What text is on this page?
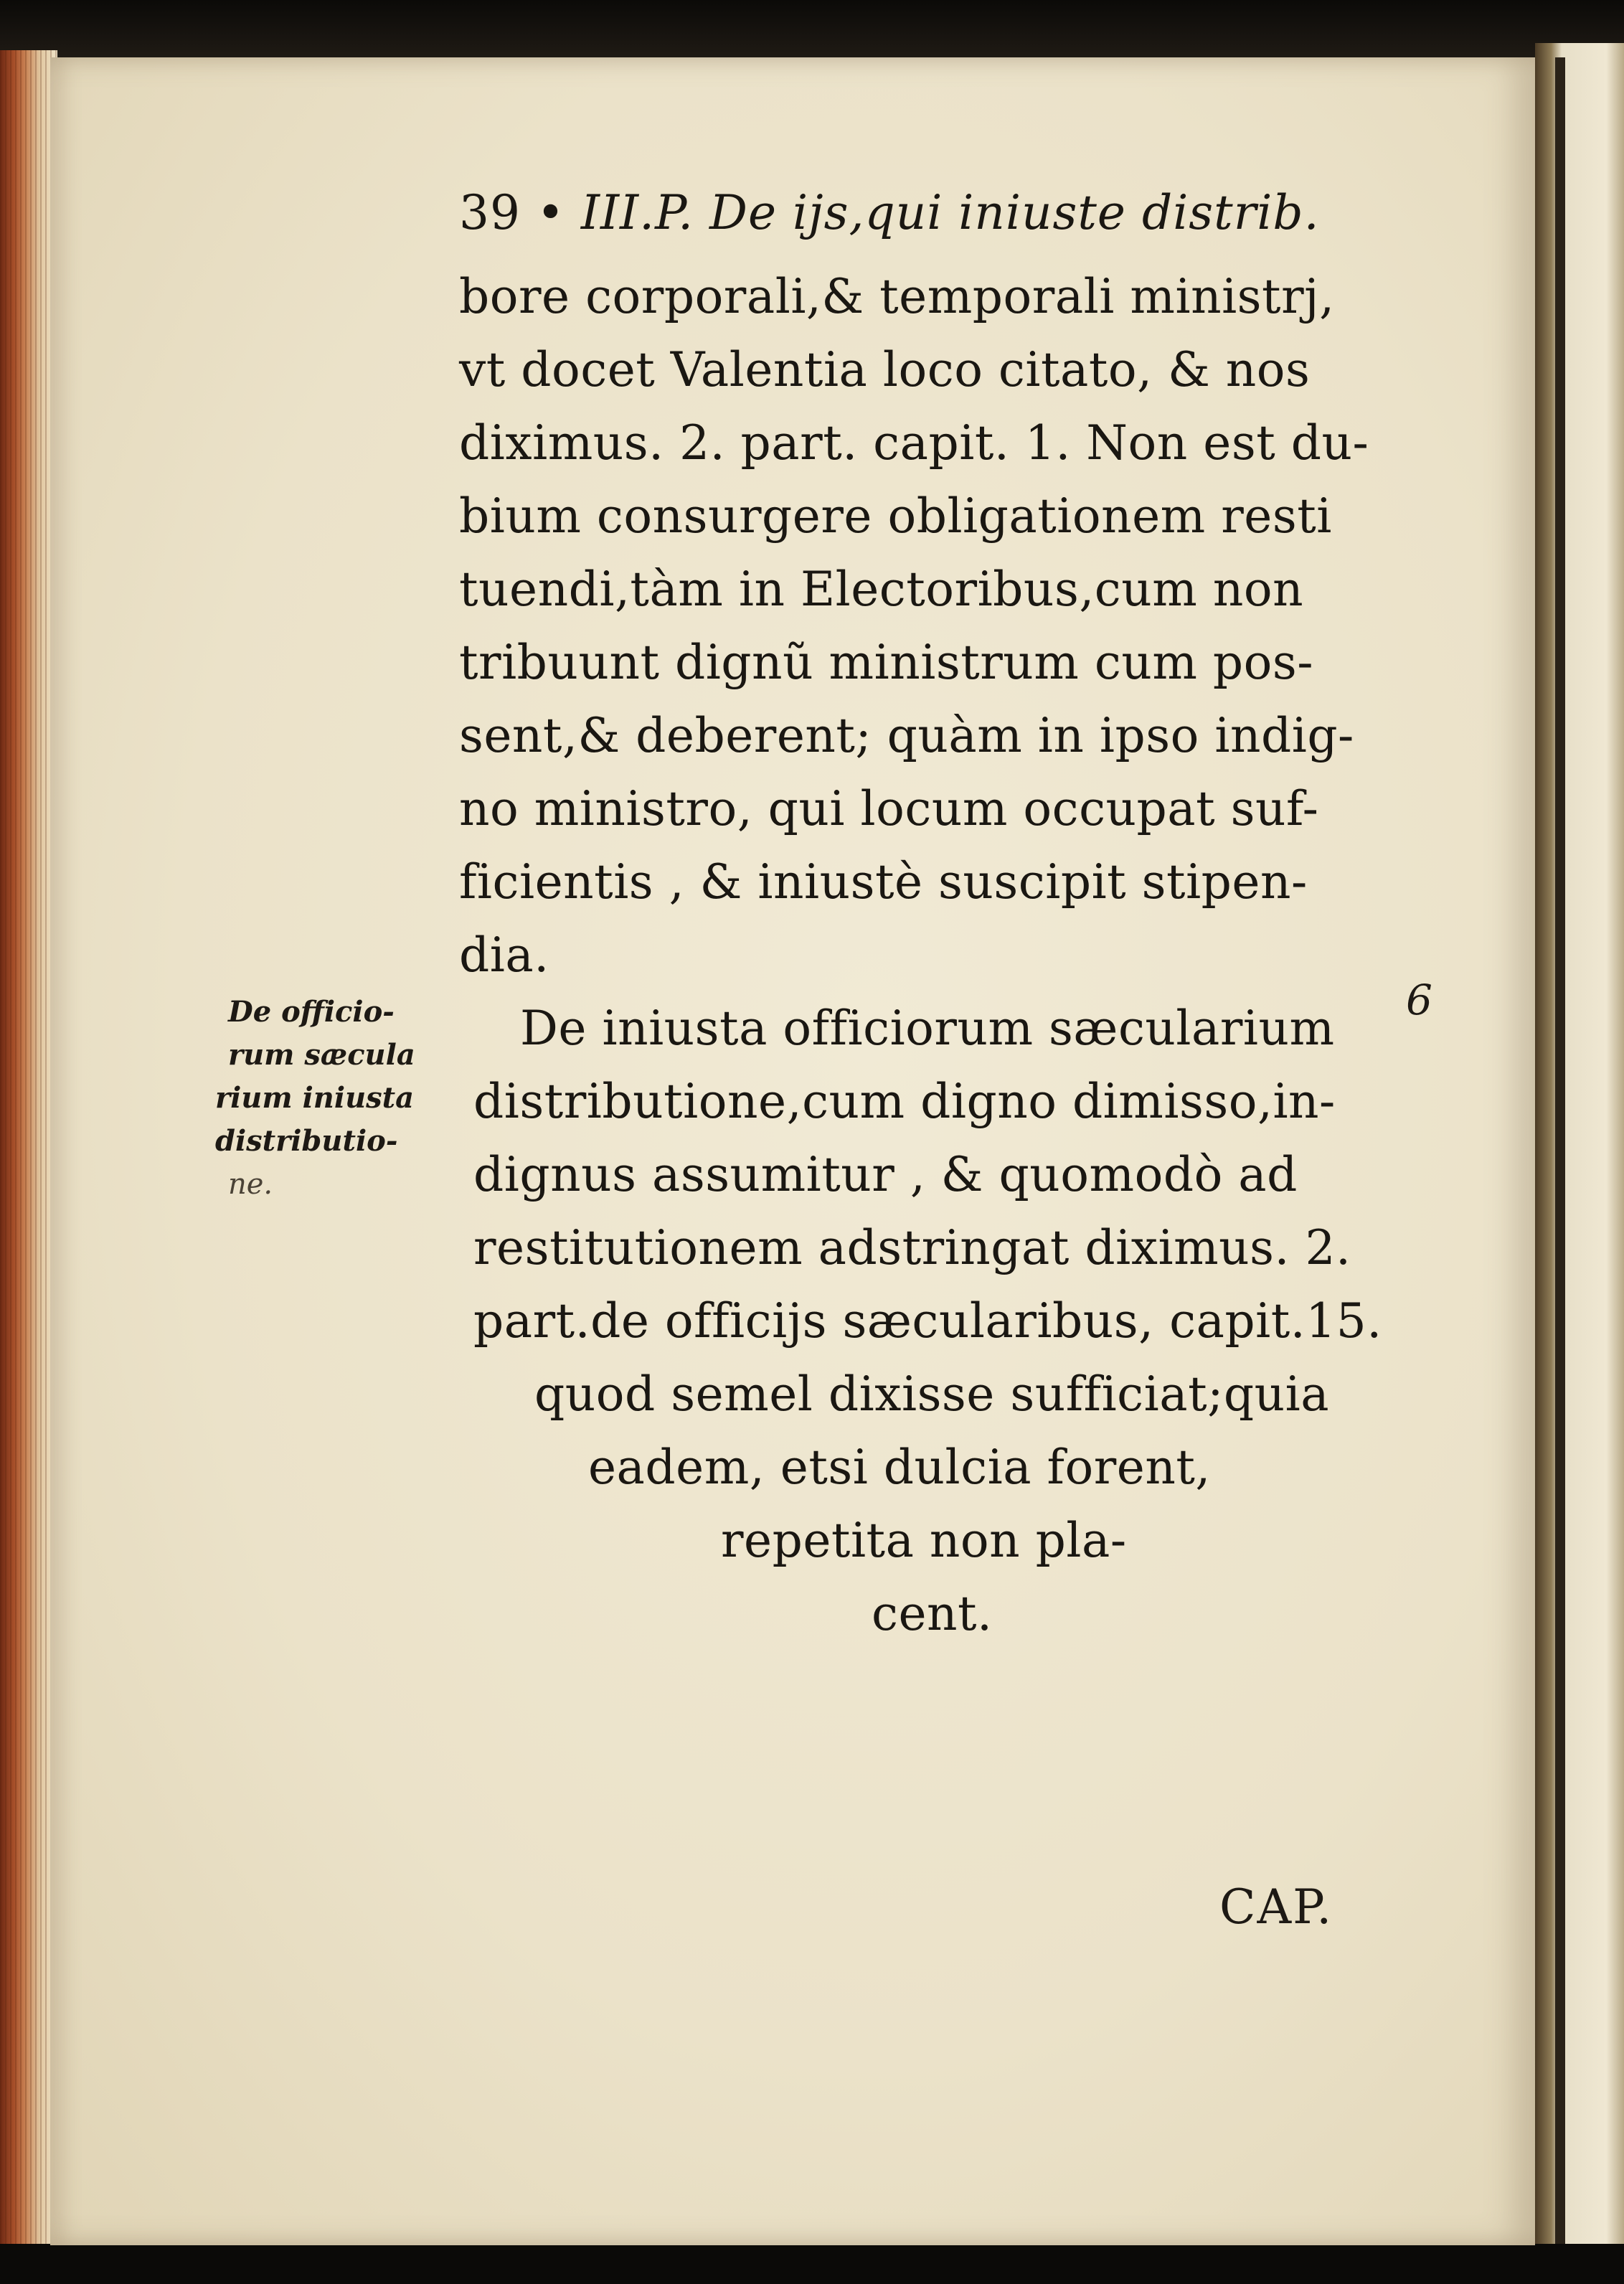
39 • III.P. De ijs,qui iniuste distrib.
bore corporali,& temporali ministrj,
vt docet Valentia loco citato, & nos
diximus. 2. part. capit. 1. Non est du-
bium consurgere obligationem resti
tuendi,tàm in Electoribus,cum non
tribuunt dignũ ministrum cum pos-
sent,& deberent; quàm in ipso indig-
no ministro, qui locum occupat suf-
ficientis , & iniustè suscipit stipen-
dia.
De iniusta officiorum sæcularium
distributione,cum digno dimisso,in-
dignus assumitur , & quomodò ad
restitutionem adstringat diximus. 2.
part.de officijs sæcularibus, capit.15.
quod semel dixisse sufficiat;quia
eadem, etsi dulcia forent,
repetita non pla-
cent.
De officio-
rum sæcula
rium iniusta
distributio-
ne.
6
CAP.
